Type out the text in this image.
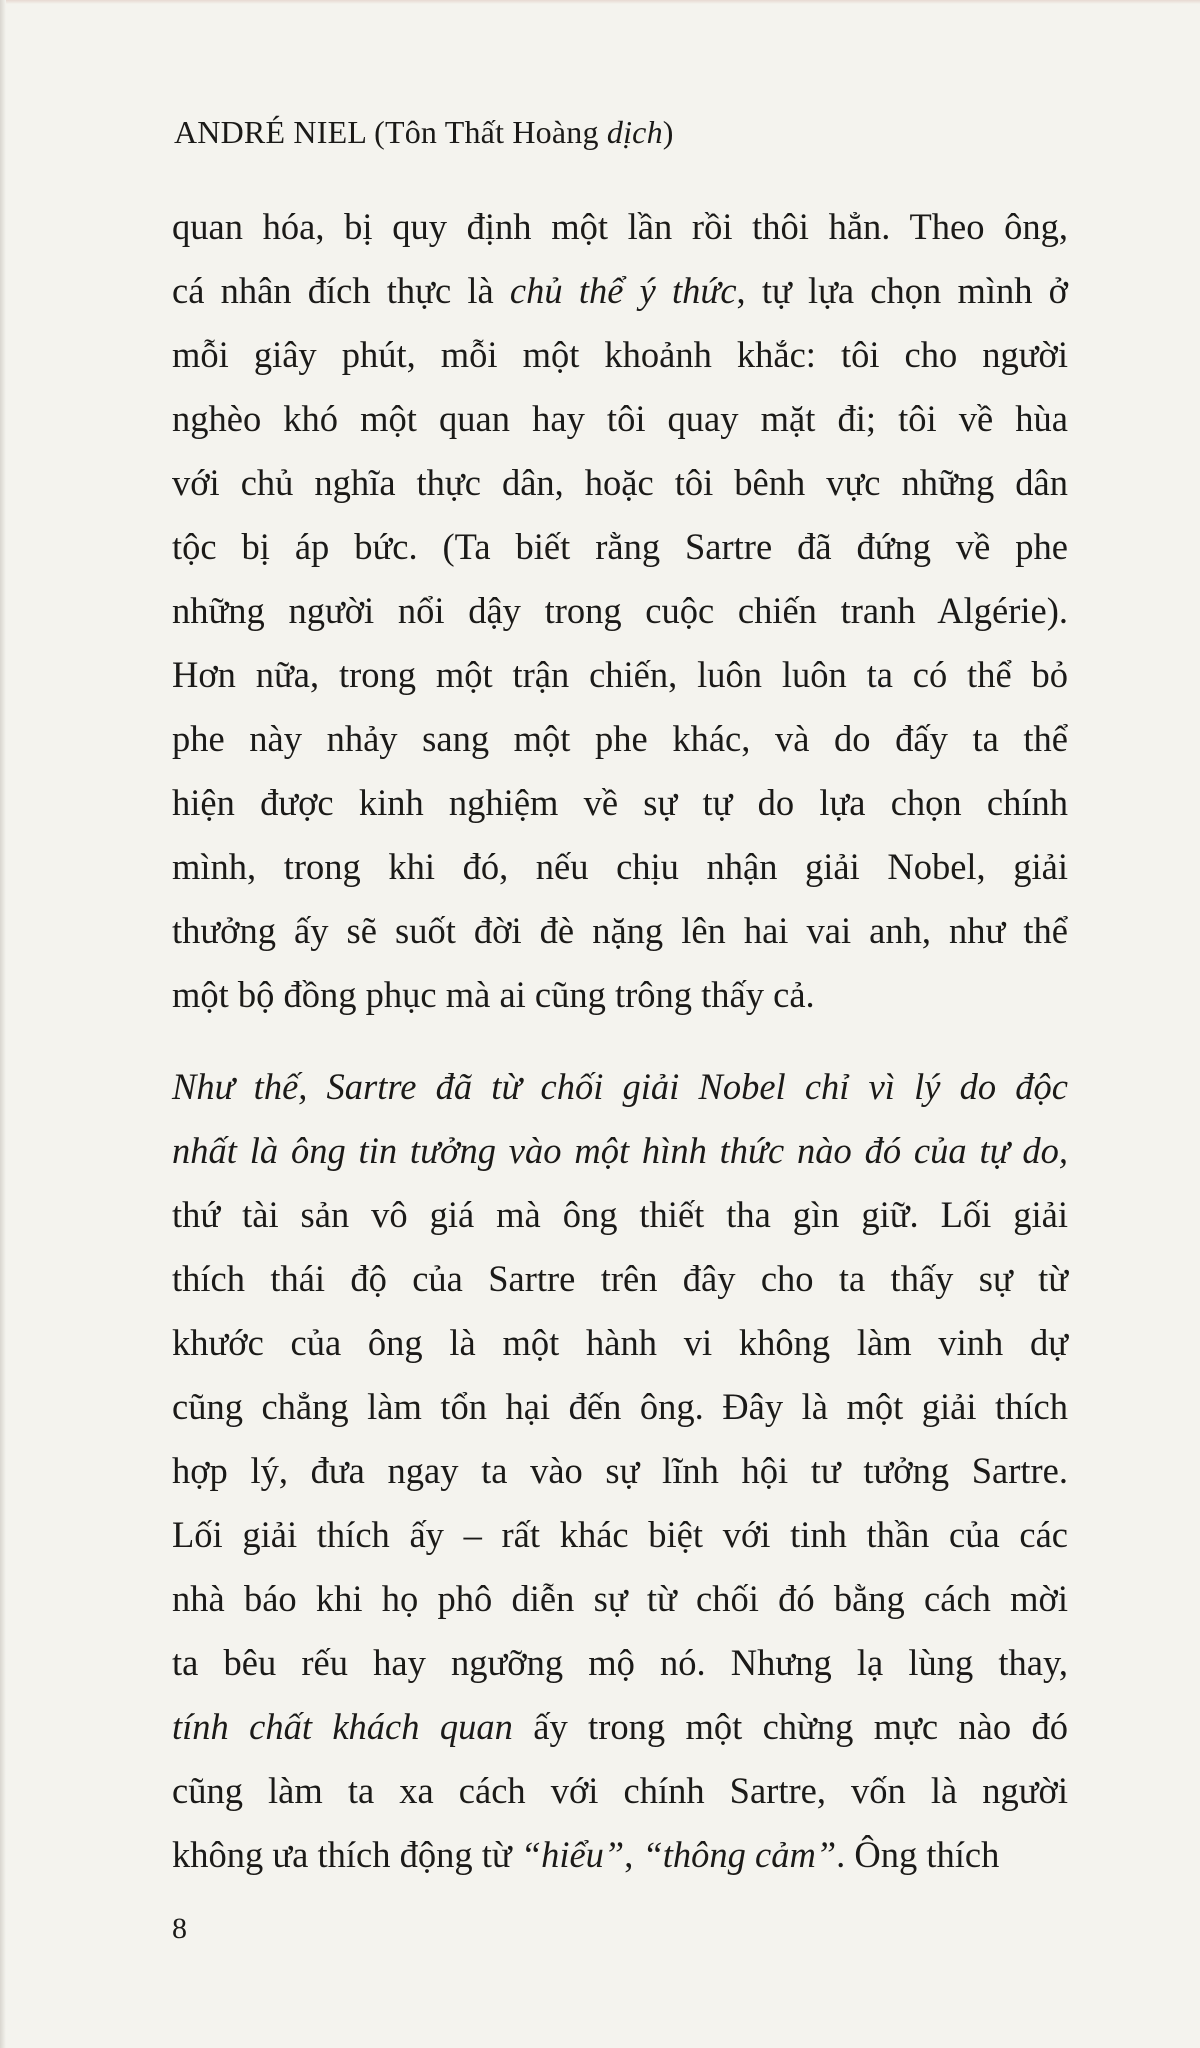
ANDRÉ NIEL (Tôn Thất Hoàng dịch)
quan hóa, bị quy định một lần rồi thôi hẳn. Theo ông,
cá nhân đích thực là chủ thể ý thức, tự lựa chọn mình ở
mỗi giây phút, mỗi một khoảnh khắc: tôi cho người
nghèo khó một quan hay tôi quay mặt đi; tôi về hùa
với chủ nghĩa thực dân, hoặc tôi bênh vực những dân
tộc bị áp bức. (Ta biết rằng Sartre đã đứng về phe
những người nổi dậy trong cuộc chiến tranh Algérie).
Hơn nữa, trong một trận chiến, luôn luôn ta có thể bỏ
phe này nhảy sang một phe khác, và do đấy ta thể
hiện được kinh nghiệm về sự tự do lựa chọn chính
mình, trong khi đó, nếu chịu nhận giải Nobel, giải
thưởng ấy sẽ suốt đời đè nặng lên hai vai anh, như thể
một bộ đồng phục mà ai cũng trông thấy cả.
Như thế, Sartre đã từ chối giải Nobel chỉ vì lý do độc
nhất là ông tin tưởng vào một hình thức nào đó của tự do,
thứ tài sản vô giá mà ông thiết tha gìn giữ. Lối giải
thích thái độ của Sartre trên đây cho ta thấy sự từ
khước của ông là một hành vi không làm vinh dự
cũng chẳng làm tổn hại đến ông. Đây là một giải thích
hợp lý, đưa ngay ta vào sự lĩnh hội tư tưởng Sartre.
Lối giải thích ấy – rất khác biệt với tinh thần của các
nhà báo khi họ phô diễn sự từ chối đó bằng cách mời
ta bêu rếu hay ngưỡng mộ nó. Nhưng lạ lùng thay,
tính chất khách quan ấy trong một chừng mực nào đó
cũng làm ta xa cách với chính Sartre, vốn là người
không ưa thích động từ “hiểu”, “thông cảm”. Ông thích
8
